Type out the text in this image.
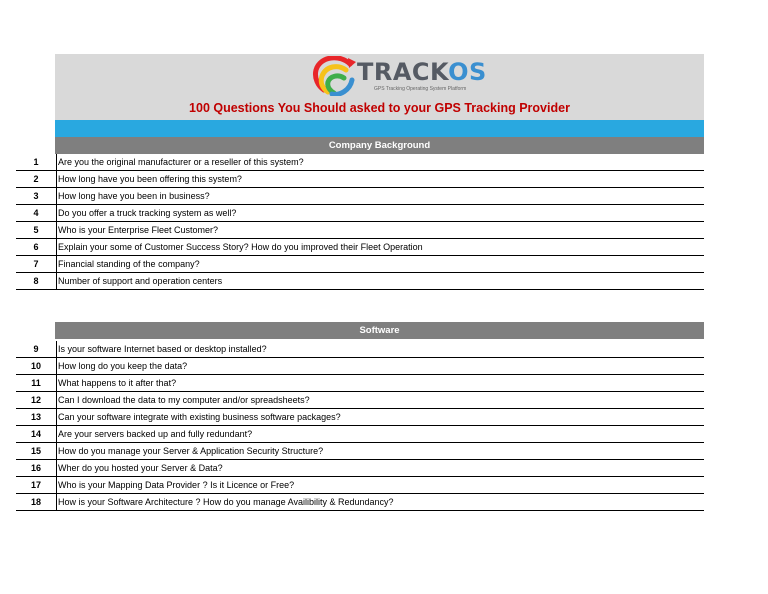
TRACKOS
GPS Tracking Operating System Platform
100 Questions You Should asked to your GPS Tracking Provider
Company Background
1	Are you the original manufacturer or a reseller of this system?
2	How long have you been offering this system?
3	How long have you been in business?
4	Do you offer a truck tracking system as well?
5	Who is your Enterprise Fleet Customer?
6	Explain your some of Customer Success Story? How do you improved their Fleet Operation
7	Financial standing of the company?
8	Number of support and operation centers
Software
9	Is your software Internet based or desktop installed?
10	How long do you keep the data?
11	What happens to it after that?
12	Can I download the data to my computer and/or spreadsheets?
13	Can your software integrate with existing business software packages?
14	Are your servers backed up and fully redundant?
15	How do you manage your Server & Application Security Structure?
16	Wher do you hosted your Server & Data?
17	Who is your Mapping Data Provider ? Is it Licence or Free?
18	How is your Software Architecture ? How do you manage Availibility & Redundancy?
